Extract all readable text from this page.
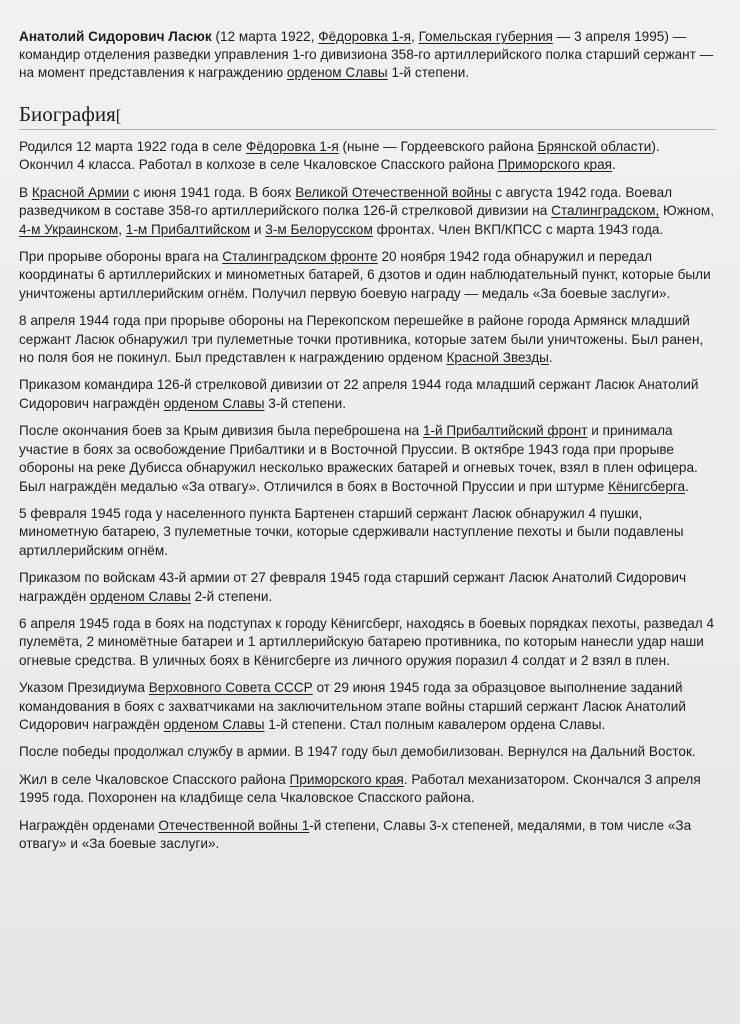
Анатолий Сидорович Ласюк (12 марта 1922, Фёдоровка 1-я, Гомельская губерния — 3 апреля 1995) — командир отделения разведки управления 1-го дивизиона 358-го артиллерийского полка старший сержант — на момент представления к награждению орденом Славы 1-й степени.

Биография[

Родился 12 марта 1922 года в селе Фёдоровка 1-я (ныне — Гордеевского района Брянской области). Окончил 4 класса. Работал в колхозе в селе Чкаловское Спасского района Приморского края.

В Красной Армии с июня 1941 года. В боях Великой Отечественной войны с августа 1942 года. Воевал разведчиком в составе 358-го артиллерийского полка 126-й стрелковой дивизии на Сталинградском, Южном, 4-м Украинском, 1-м Прибалтийском и 3-м Белорусском фронтах. Член ВКП/КПСС с марта 1943 года.

При прорыве обороны врага на Сталинградском фронте 20 ноября 1942 года обнаружил и передал координаты 6 артиллерийских и минометных батарей, 6 дзотов и один наблюдательный пункт, которые были уничтожены артиллерийским огнём. Получил первую боевую награду — медаль «За боевые заслуги».

8 апреля 1944 года при прорыве обороны на Перекопском перешейке в районе города Армянск младший сержант Ласюк обнаружил три пулеметные точки противника, которые затем были уничтожены. Был ранен, но поля боя не покинул. Был представлен к награждению орденом Красной Звезды.

Приказом командира 126-й стрелковой дивизии от 22 апреля 1944 года младший сержант Ласюк Анатолий Сидорович награждён орденом Славы 3-й степени.

После окончания боев за Крым дивизия была переброшена на 1-й Прибалтийский фронт и принимала участие в боях за освобождение Прибалтики и в Восточной Пруссии. В октябре 1943 года при прорыве обороны на реке Дубисса обнаружил несколько вражеских батарей и огневых точек, взял в плен офицера. Был награждён медалью «За отвагу». Отличился в боях в Восточной Пруссии и при штурме Кёнигсберга.

5 февраля 1945 года у населенного пункта Бартенен старший сержант Ласюк обнаружил 4 пушки, минометную батарею, 3 пулеметные точки, которые сдерживали наступление пехоты и были подавлены артиллерийским огнём.

Приказом по войскам 43-й армии от 27 февраля 1945 года старший сержант Ласюк Анатолий Сидорович награждён орденом Славы 2-й степени.

6 апреля 1945 года в боях на подступах к городу Кёнигсберг, находясь в боевых порядках пехоты, разведал 4 пулемёта, 2 миномётные батареи и 1 артиллерийскую батарею противника, по которым нанесли удар наши огневые средства. В уличных боях в Кёнигсберге из личного оружия поразил 4 солдат и 2 взял в плен.

Указом Президиума Верховного Совета СССР от 29 июня 1945 года за образцовое выполнение заданий командования в боях с захватчиками на заключительном этапе войны старший сержант Ласюк Анатолий Сидорович награждён орденом Славы 1-й степени. Стал полным кавалером ордена Славы.

После победы продолжал службу в армии. В 1947 году был демобилизован. Вернулся на Дальний Восток.

Жил в селе Чкаловское Спасского района Приморского края. Работал механизатором. Скончался 3 апреля 1995 года. Похоронен на кладбище села Чкаловское Спасского района.

Награждён орденами Отечественной войны 1-й степени, Славы 3-х степеней, медалями, в том числе «За отвагу» и «За боевые заслуги».
